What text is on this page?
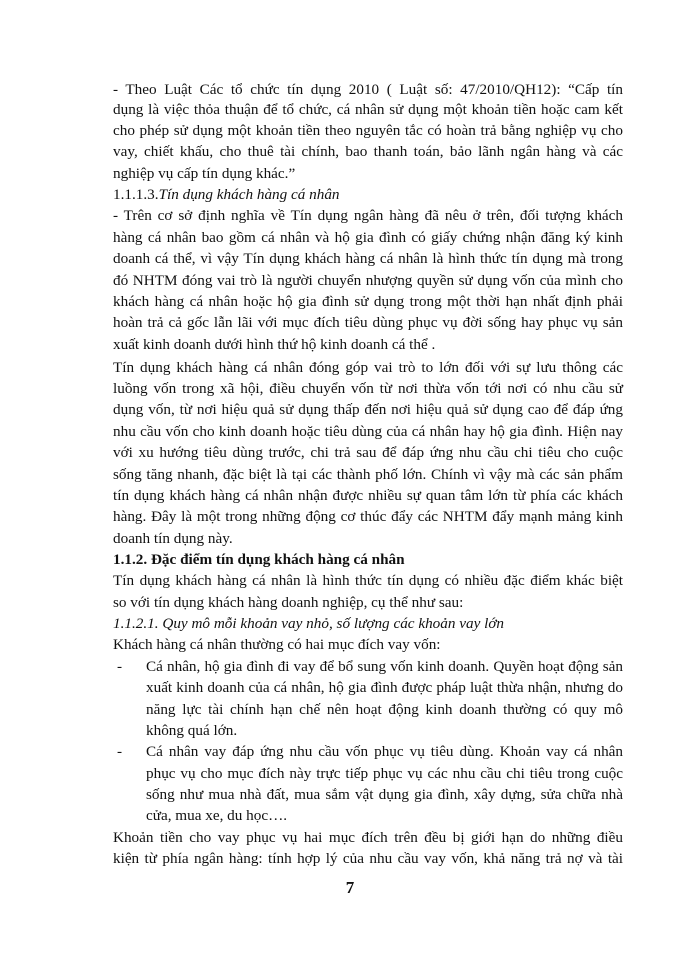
- Theo Luật Các tổ chức tín dụng 2010 ( Luật số: 47/2010/QH12): “Cấp tín
dụng là việc thỏa thuận để tổ chức, cá nhân sử dụng một khoản tiền hoặc cam kết
cho phép sử dụng một khoản tiền theo nguyên tắc có hoàn trả bằng nghiệp vụ cho
vay, chiết khấu, cho thuê tài chính, bao thanh toán, bảo lãnh ngân hàng và các
nghiệp vụ cấp tín dụng khác.”
1.1.1.3.Tín dụng khách hàng cá nhân
- Trên cơ sở định nghĩa về Tín dụng ngân hàng đã nêu ở trên, đối tượng khách
hàng cá nhân bao gồm cá nhân và hộ gia đình có giấy chứng nhận đăng ký kinh
doanh cá thể, vì vậy Tín dụng khách hàng cá nhân là hình thức tín dụng mà trong
đó NHTM đóng vai trò là người chuyển nhượng quyền sử dụng vốn của mình cho
khách hàng cá nhân hoặc hộ gia đình sử dụng trong một thời hạn nhất định phải
hoàn trả cả gốc lẫn lãi với mục đích tiêu dùng phục vụ đời sống hay phục vụ sản
xuất kinh doanh dưới hình thứ hộ kinh doanh cá thể .
Tín dụng khách hàng cá nhân đóng góp vai trò to lớn đối với sự lưu thông các
luồng vốn trong xã hội, điều chuyển vốn từ nơi thừa vốn tới nơi có nhu cầu sử
dụng vốn, từ nơi hiệu quả sử dụng thấp đến nơi hiệu quả sử dụng cao để đáp ứng
nhu cầu vốn cho kinh doanh hoặc tiêu dùng của cá nhân hay hộ gia đình. Hiện nay
với xu hướng tiêu dùng trước, chi trả sau để đáp ứng nhu cầu chi tiêu cho cuộc
sống tăng nhanh, đặc biệt là tại các thành phố lớn. Chính vì vậy mà các sản phẩm
tín dụng khách hàng cá nhân nhận được nhiều sự quan tâm lớn từ phía các khách
hàng. Đây là một trong những động cơ thúc đẩy các NHTM đẩy mạnh mảng kinh
doanh tín dụng này.
1.1.2. Đặc điểm tín dụng khách hàng cá nhân
Tín dụng khách hàng cá nhân là hình thức tín dụng có nhiều đặc điểm khác biệt
so với tín dụng khách hàng doanh nghiệp, cụ thể như sau:
1.1.2.1. Quy mô mỗi khoản vay nhỏ, số lượng các khoản vay lớn
Khách hàng cá nhân thường có hai mục đích vay vốn:
-	Cá nhân, hộ gia đình đi vay để bổ sung vốn kinh doanh. Quyền hoạt động sản
xuất kinh doanh của cá nhân, hộ gia đình được pháp luật thừa nhận, nhưng do
năng lực tài chính hạn chế nên hoạt động kinh doanh thường có quy mô
không quá lớn.
-	Cá nhân vay đáp ứng nhu cầu vốn phục vụ tiêu dùng. Khoản vay cá nhân
phục vụ cho mục đích này trực tiếp phục vụ các nhu cầu chi tiêu trong cuộc
sống như mua nhà đất, mua sắm vật dụng gia đình, xây dựng, sửa chữa nhà
cửa, mua xe, du học….
Khoản tiền cho vay phục vụ hai mục đích trên đều bị giới hạn do những điều
kiện từ phía ngân hàng: tính hợp lý của nhu cầu vay vốn, khả năng trả nợ và tài
7
